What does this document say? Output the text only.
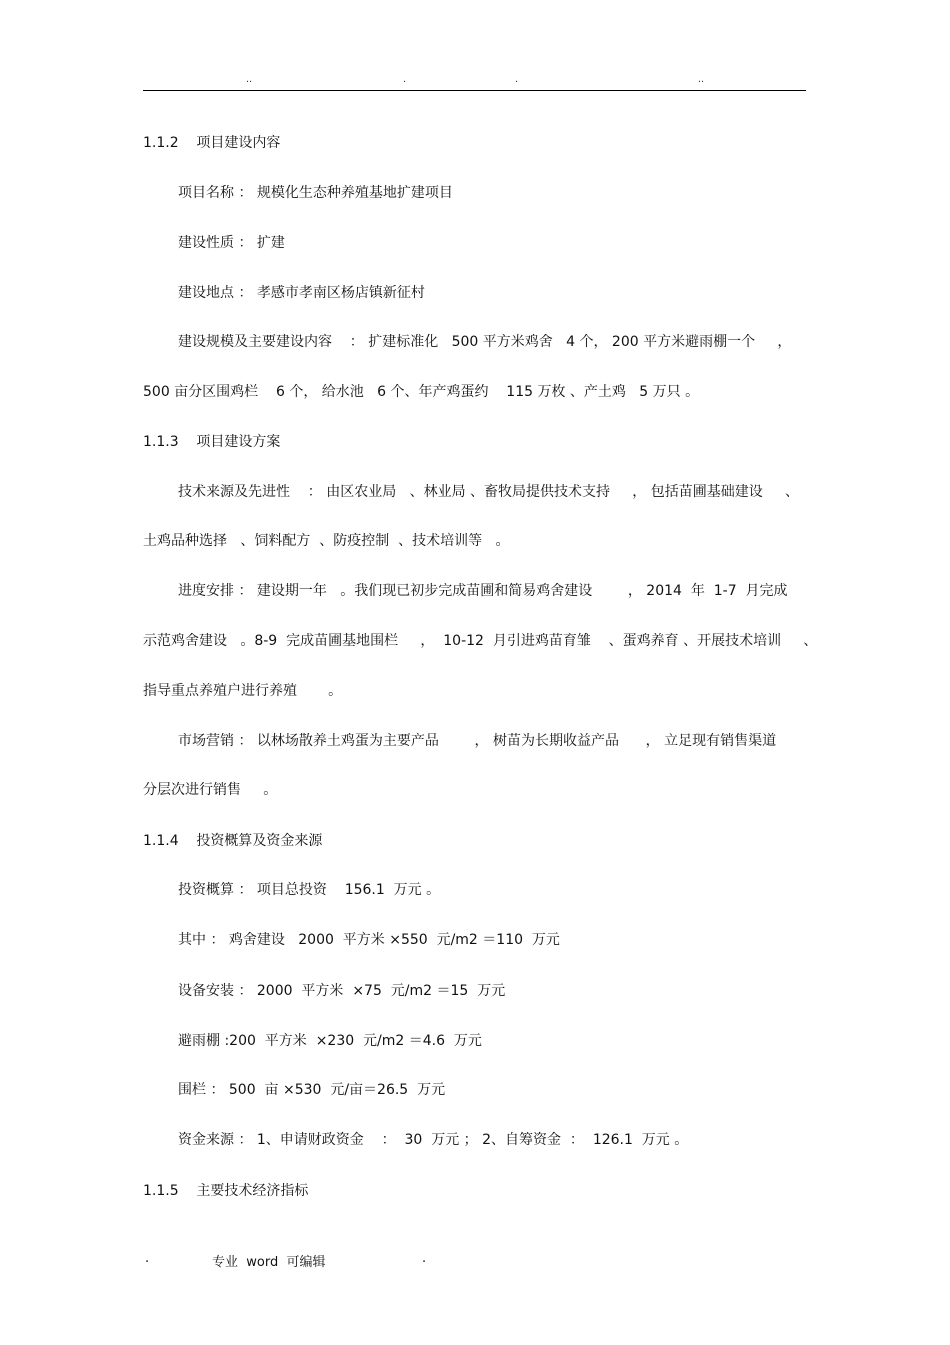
..	.	.	..
1.1.2    项目建设内容
项目名称 ： 规模化生态种养殖基地扩建项目
建设性质 ： 扩建
建设地点 ： 孝感市孝南区杨店镇新征村
建设规模及主要建设内容    ： 扩建标准化   500 平方米鸡舍   4 个， 200 平方米避雨棚一个     ，
500 亩分区围鸡栏    6 个， 给水池   6 个、年产鸡蛋约    115 万枚 、产土鸡   5 万只 。
1.1.3    项目建设方案
技术来源及先进性    ： 由区农业局   、林业局 、畜牧局提供技术支持     ， 包括苗圃基础建设     、
土鸡品种选择   、饲料配方  、防疫控制  、技术培训等   。
进度安排 ： 建设期一年   。我们现已初步完成苗圃和简易鸡舍建设        ， 2014  年  1-7  月完成
示范鸡舍建设   。8-9  完成苗圃基地围栏     ，  10-12  月引进鸡苗育雏    、蛋鸡养育 、开展技术培训     、
指导重点养殖户进行养殖       。
市场营销 ： 以林场散养土鸡蛋为主要产品        ， 树苗为长期收益产品      ， 立足现有销售渠道
分层次进行销售     。
1.1.4    投资概算及资金来源
投资概算 ： 项目总投资    156.1  万元 。
其中 ： 鸡舍建设   2000  平方米 ×550  元/m2 ＝110  万元
设备安装 ： 2000  平方米  ×75  元/m2 ＝15  万元
避雨棚 :200  平方米  ×230  元/m2 ＝4.6  万元
围栏 ： 500  亩 ×530  元/亩＝26.5  万元
资金来源 ： 1、申请财政资金    ：  30  万元 ； 2、自筹资金  ：  126.1  万元 。
1.1.5    主要技术经济指标
.	专业  word  可编辑	.
